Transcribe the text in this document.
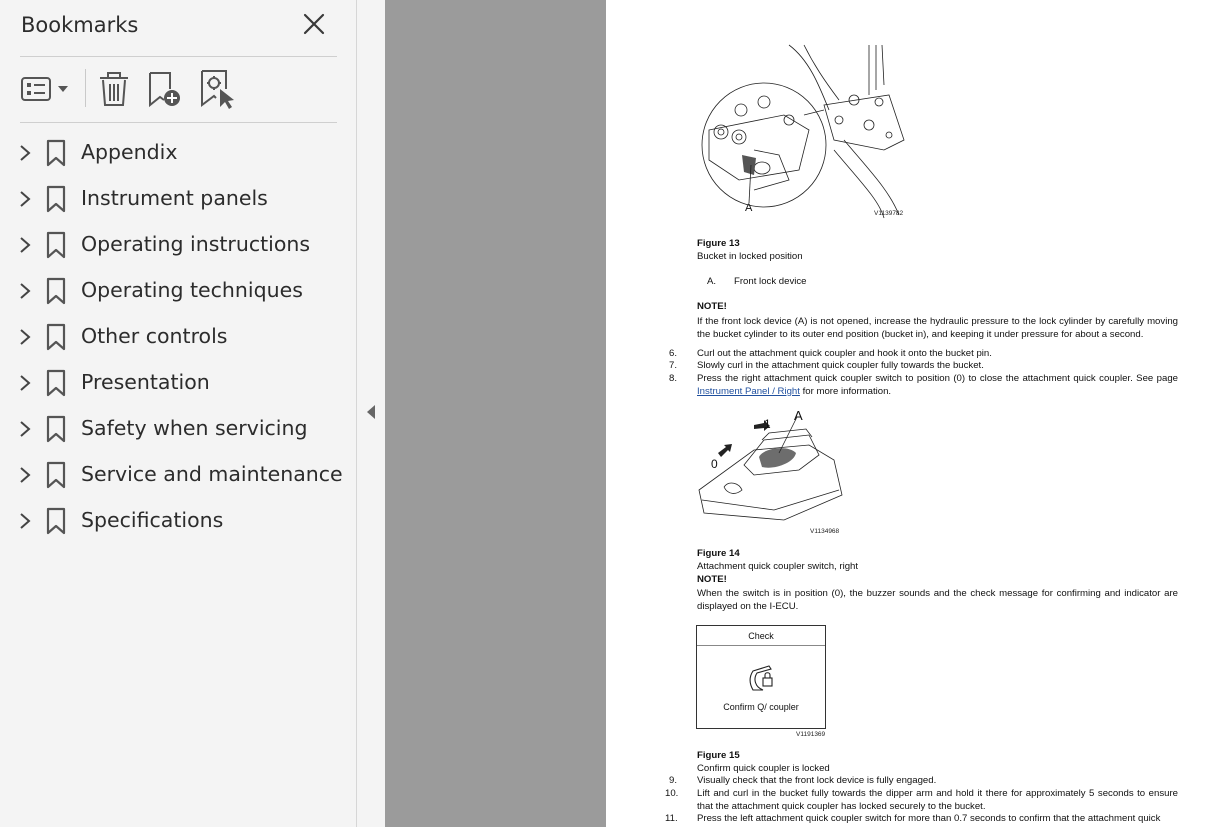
Bookmarks
Appendix
Instrument panels
Operating instructions
Operating techniques
Other controls
Presentation
Safety when servicing
Service and maintenance
Specifications
A	V1139782
Figure 13
Bucket in locked position
A. Front lock device
NOTE!
If the front lock device (A) is not opened, increase the hydraulic pressure to the lock cylinder by carefully moving the bucket cylinder to its outer end position (bucket in), and keeping it under pressure for about a second.
6. Curl out the attachment quick coupler and hook it onto the bucket pin.
7. Slowly curl in the attachment quick coupler fully towards the bucket.
8. Press the right attachment quick coupler switch to position (0) to close the attachment quick coupler. See page Instrument Panel / Right for more information.
A
1
0
V1134968
Figure 14
Attachment quick coupler switch, right
NOTE!
When the switch is in position (0), the buzzer sounds and the check message for confirming and indicator are displayed on the I-ECU.
Check
Confirm Q/ coupler
V1191369
Figure 15
Confirm quick coupler is locked
9. Visually check that the front lock device is fully engaged.
10. Lift and curl in the bucket fully towards the dipper arm and hold it there for approximately 5 seconds to ensure that the attachment quick coupler has locked securely to the bucket.
11. Press the left attachment quick coupler switch for more than 0.7 seconds to confirm that the attachment quick
